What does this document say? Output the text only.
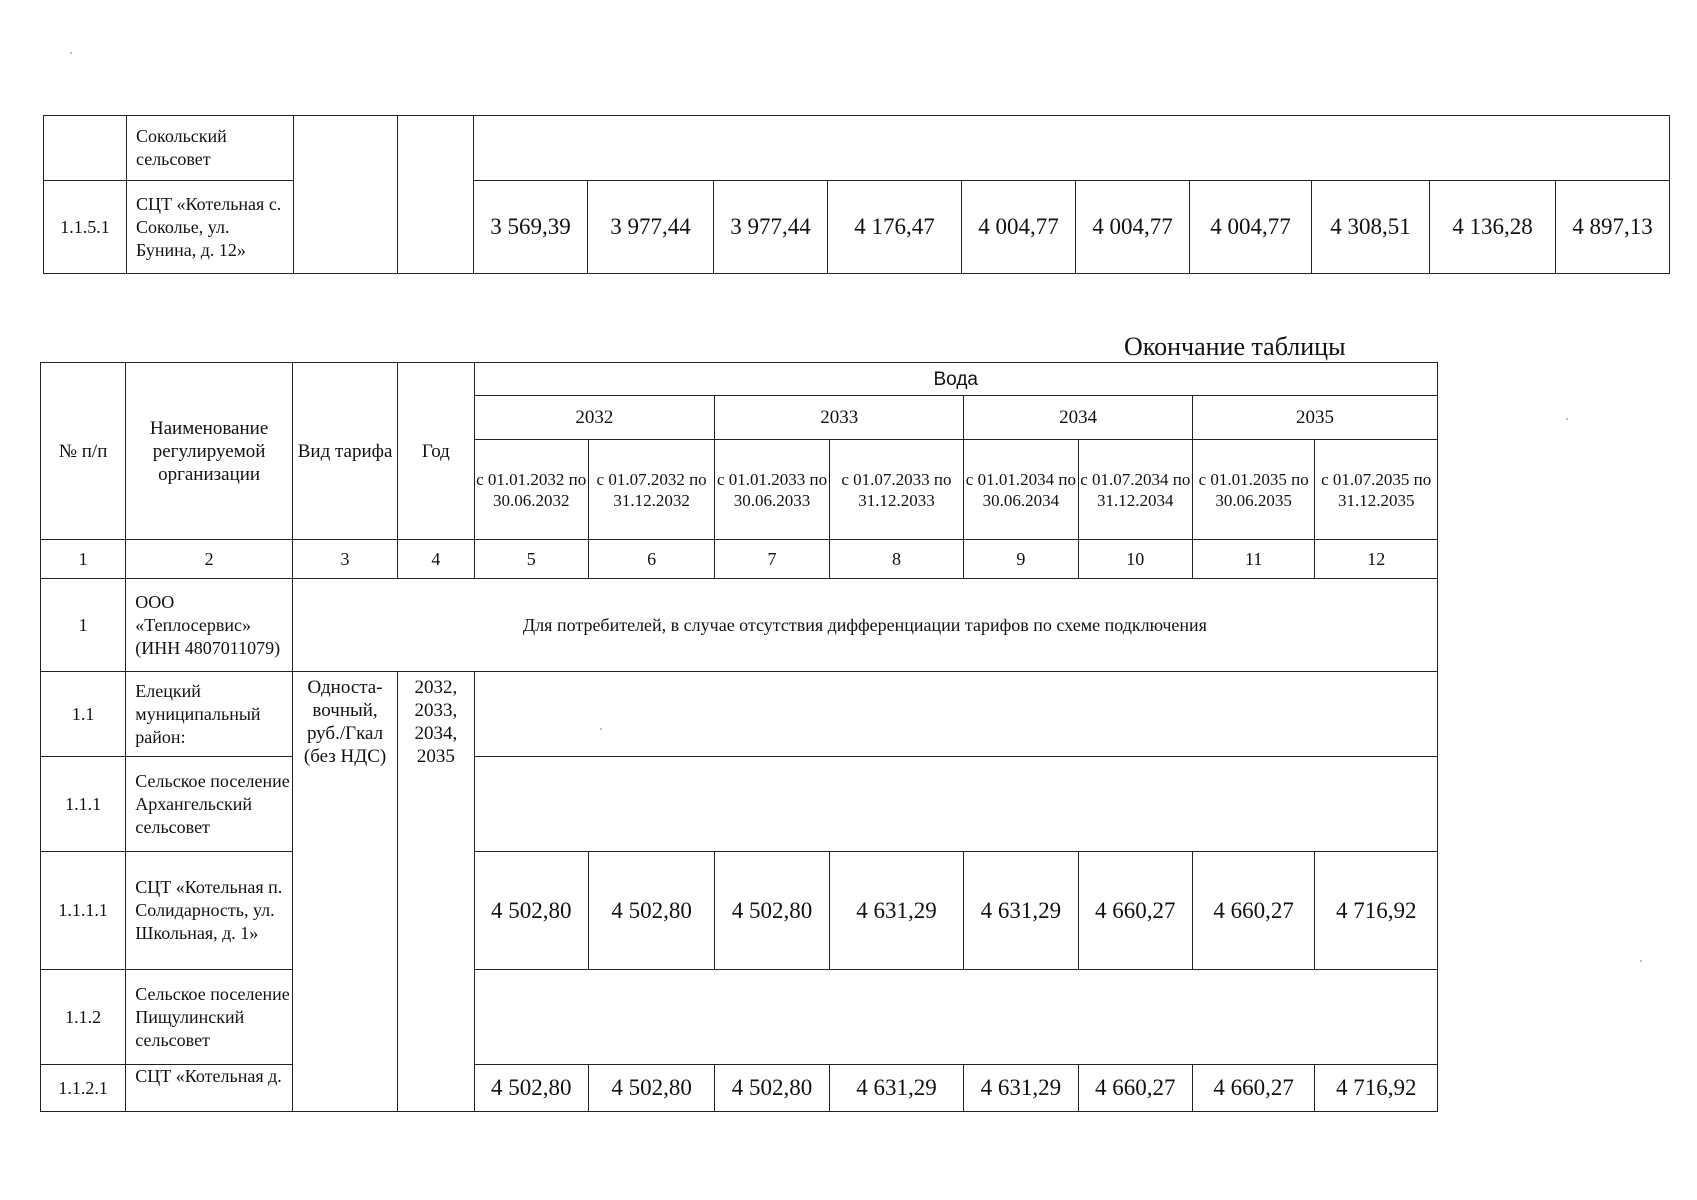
	Сокольский сельсовет												
1.1.5.1	СЦТ «Котельная с. Соколье, ул. Бунина, д. 12»			3 569,39	3 977,44	3 977,44	4 176,47	4 004,77	4 004,77	4 004,77	4 308,51	4 136,28	4 897,13
Окончание таблицы
№ п/п	Наименование регулируемой организации	Вид тарифа	Год	Вода							
				2032		2033		2034		2035	
				с 01.01.2032 по 30.06.2032	с 01.07.2032 по 31.12.2032	с 01.01.2033 по 30.06.2033	с 01.07.2033 по 31.12.2033	с 01.01.2034 по 30.06.2034	с 01.07.2034 по 31.12.2034	с 01.01.2035 по 30.06.2035	с 01.07.2035 по 31.12.2035
1	2	3	4	5	6	7	8	9	10	11	12
1	ООО «Теплосервис» (ИНН 4807011079)	Для потребителей, в случае отсутствия дифференциации тарифов по схеме подключения									
1.1	Елецкий муниципальный район:	Односта-вочный, руб./Гкал (без НДС)	2032, 2033, 2034, 2035								
1.1.1	Сельское поселение Архангельский сельсовет										
1.1.1.1	СЦТ «Котельная п. Солидарность, ул. Школьная, д. 1»			4 502,80	4 502,80	4 502,80	4 631,29	4 631,29	4 660,27	4 660,27	4 716,92
1.1.2	Сельское поселение Пищулинский сельсовет										
1.1.2.1	СЦТ «Котельная д.			4 502,80	4 502,80	4 502,80	4 631,29	4 631,29	4 660,27	4 660,27	4 716,92
